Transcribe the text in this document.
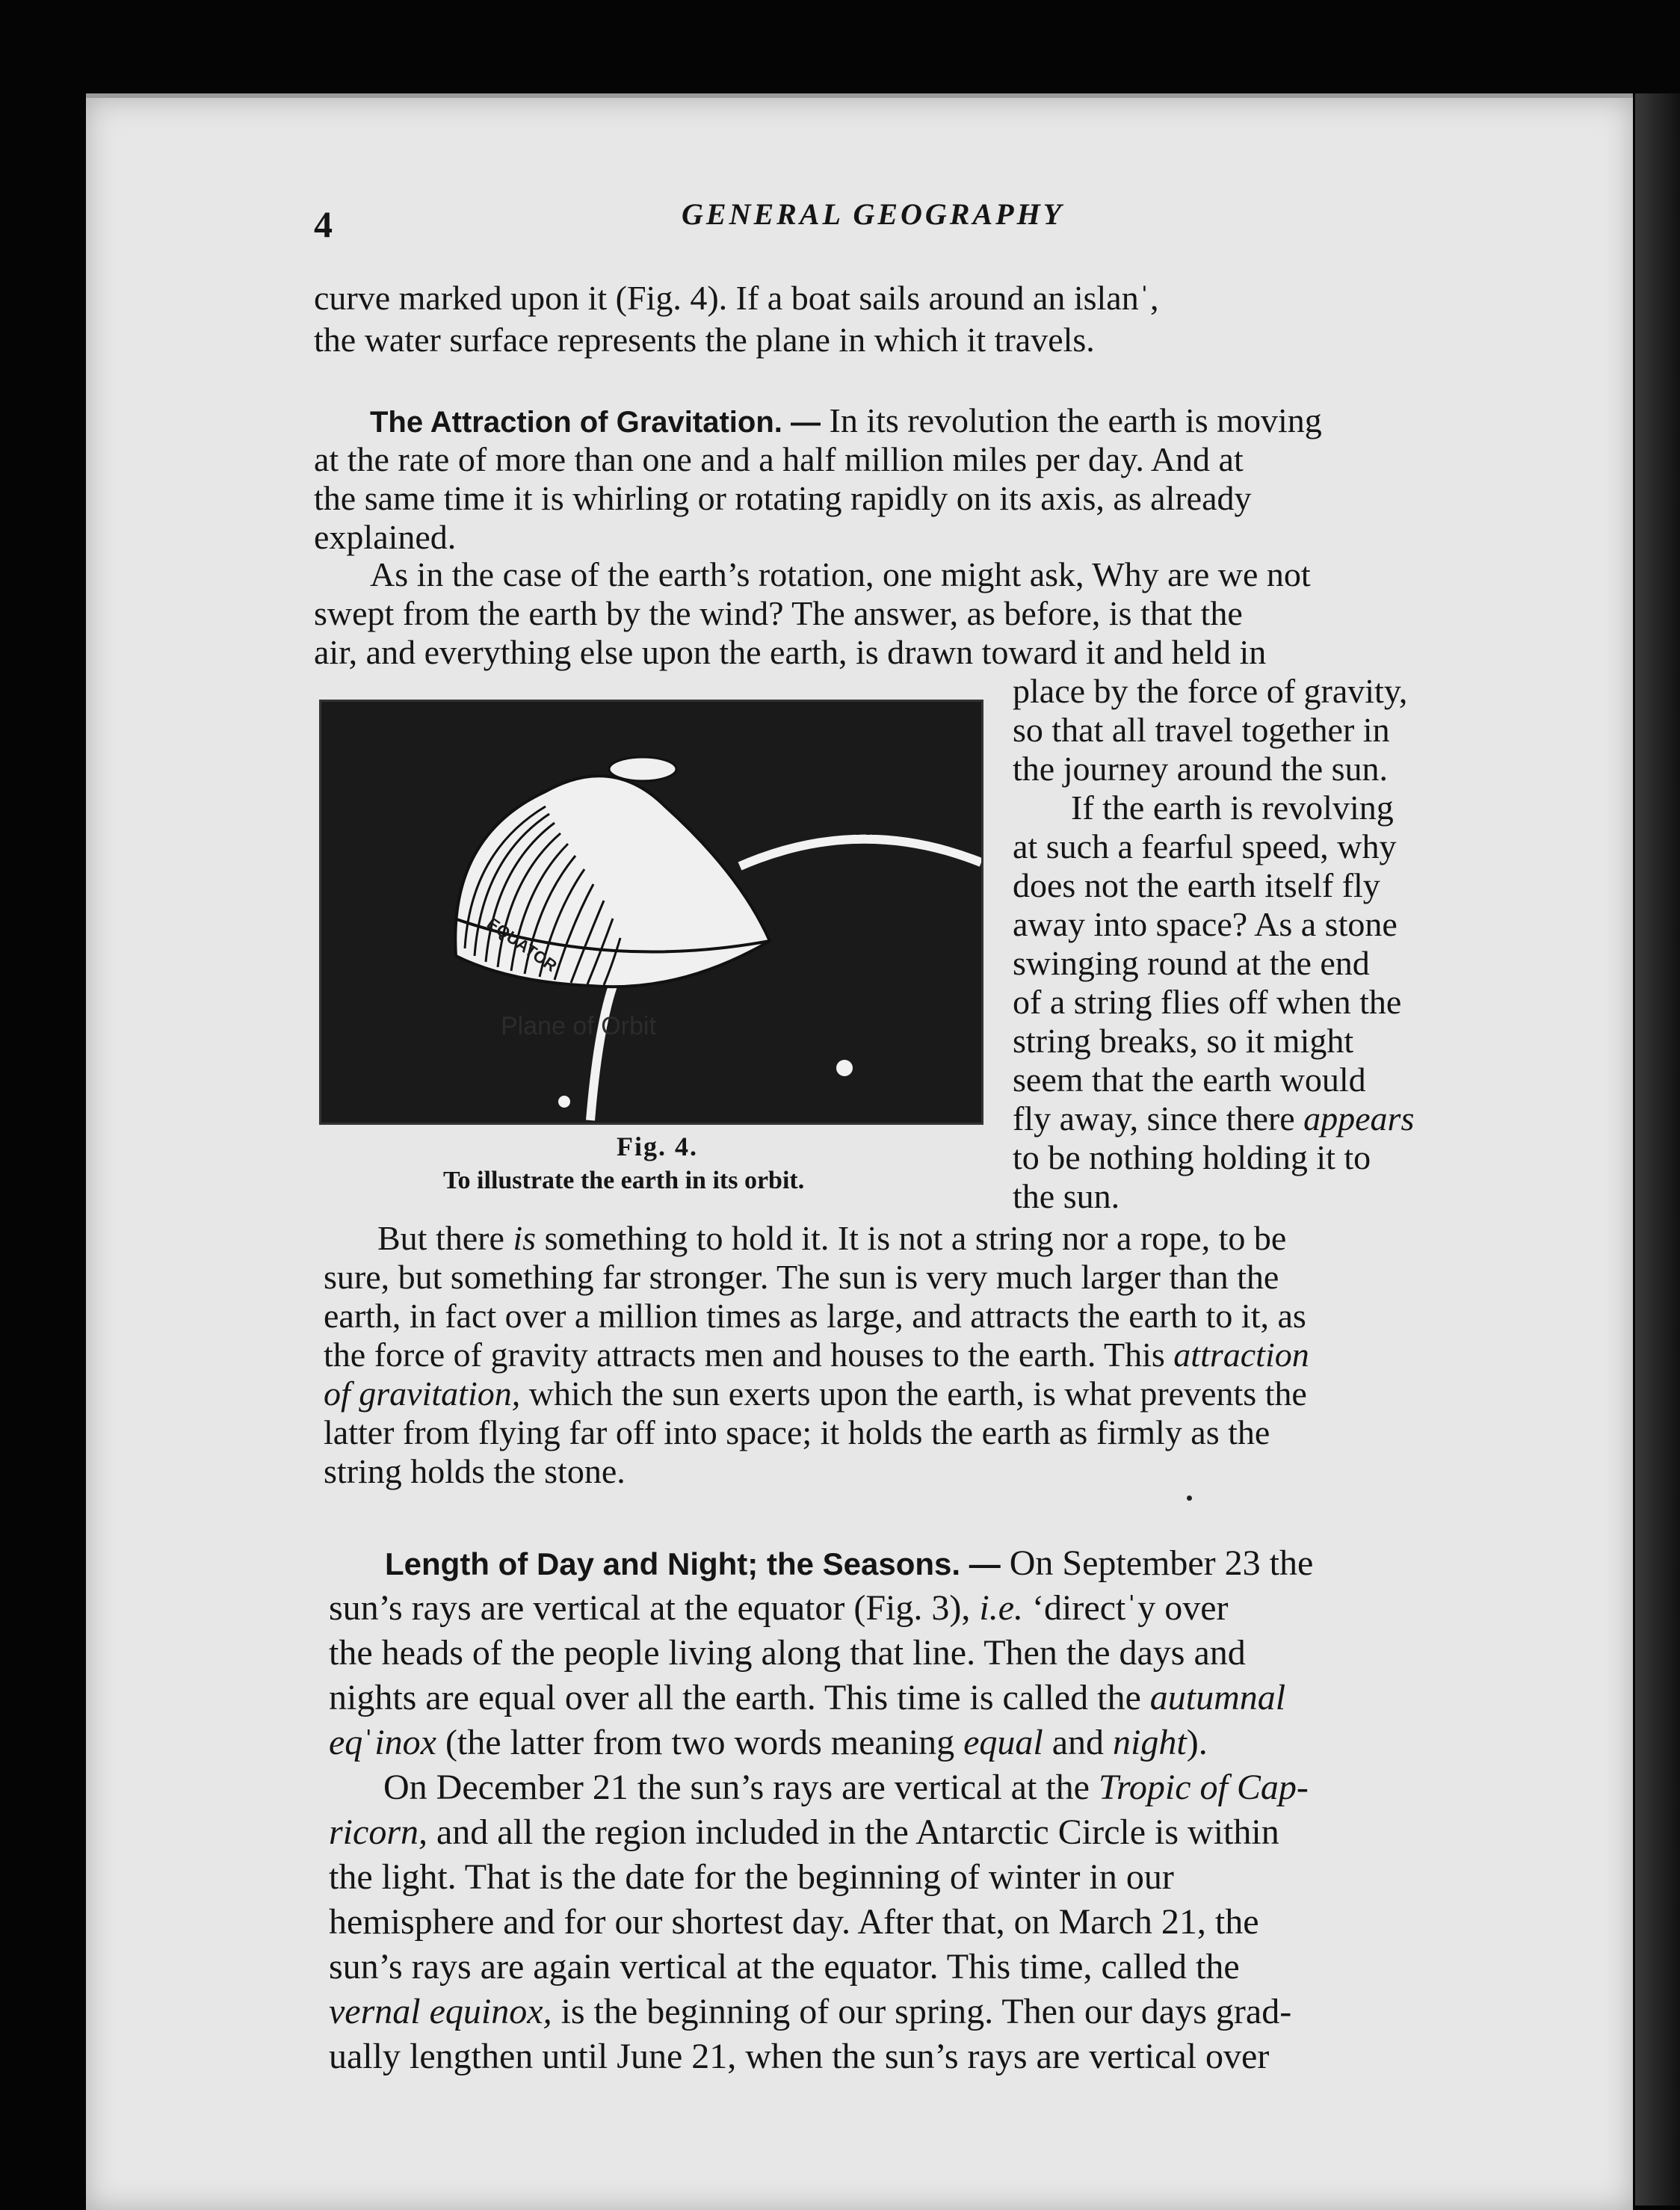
4	GENERAL GEOGRAPHY

curve marked upon it (Fig. 4). If a boat sails around an islanˈ,

the water surface represents the plane in which it travels.

The Attraction of Gravitation. — In its revolution the earth is moving

at the rate of more than one and a half million miles per day. And at

the same time it is whirling or rotating rapidly on its axis, as already

explained.

As in the case of the earth’s rotation, one might ask, Why are we not

swept from the earth by the wind? The answer, as before, is that the

air, and everything else upon the earth, is drawn toward it and held in

ORBIT
EQUATOR
Plane of Orbit
Fig. 4.
To illustrate the earth in its orbit.

place by the force of gravity,

so that all travel together in

the journey around the sun.

If the earth is revolving

at such a fearful speed, why

does not the earth itself fly

away into space? As a stone

swinging round at the end

of a string flies off when the

string breaks, so it might

seem that the earth would

fly away, since there appears

to be nothing holding it to

the sun.

But there is something to hold it. It is not a string nor a rope, to be

sure, but something far stronger. The sun is very much larger than the

earth, in fact over a million times as large, and attracts the earth to it, as

the force of gravity attracts men and houses to the earth. This attraction

of gravitation, which the sun exerts upon the earth, is what prevents the

latter from flying far off into space; it holds the earth as firmly as the

string holds the stone.

Length of Day and Night; the Seasons. — On September 23 the

sun’s rays are vertical at the equator (Fig. 3), i.e. ‘directˈy over

the heads of the people living along that line. Then the days and

nights are equal over all the earth. This time is called the autumnal

eqˈinox (the latter from two words meaning equal and night).

On December 21 the sun’s rays are vertical at the Tropic of Cap-

ricorn, and all the region included in the Antarctic Circle is within

the light. That is the date for the beginning of winter in our

hemisphere and for our shortest day. After that, on March 21, the

sun’s rays are again vertical at the equator. This time, called the

vernal equinox, is the beginning of our spring. Then our days grad-

ually lengthen until June 21, when the sun’s rays are vertical over
